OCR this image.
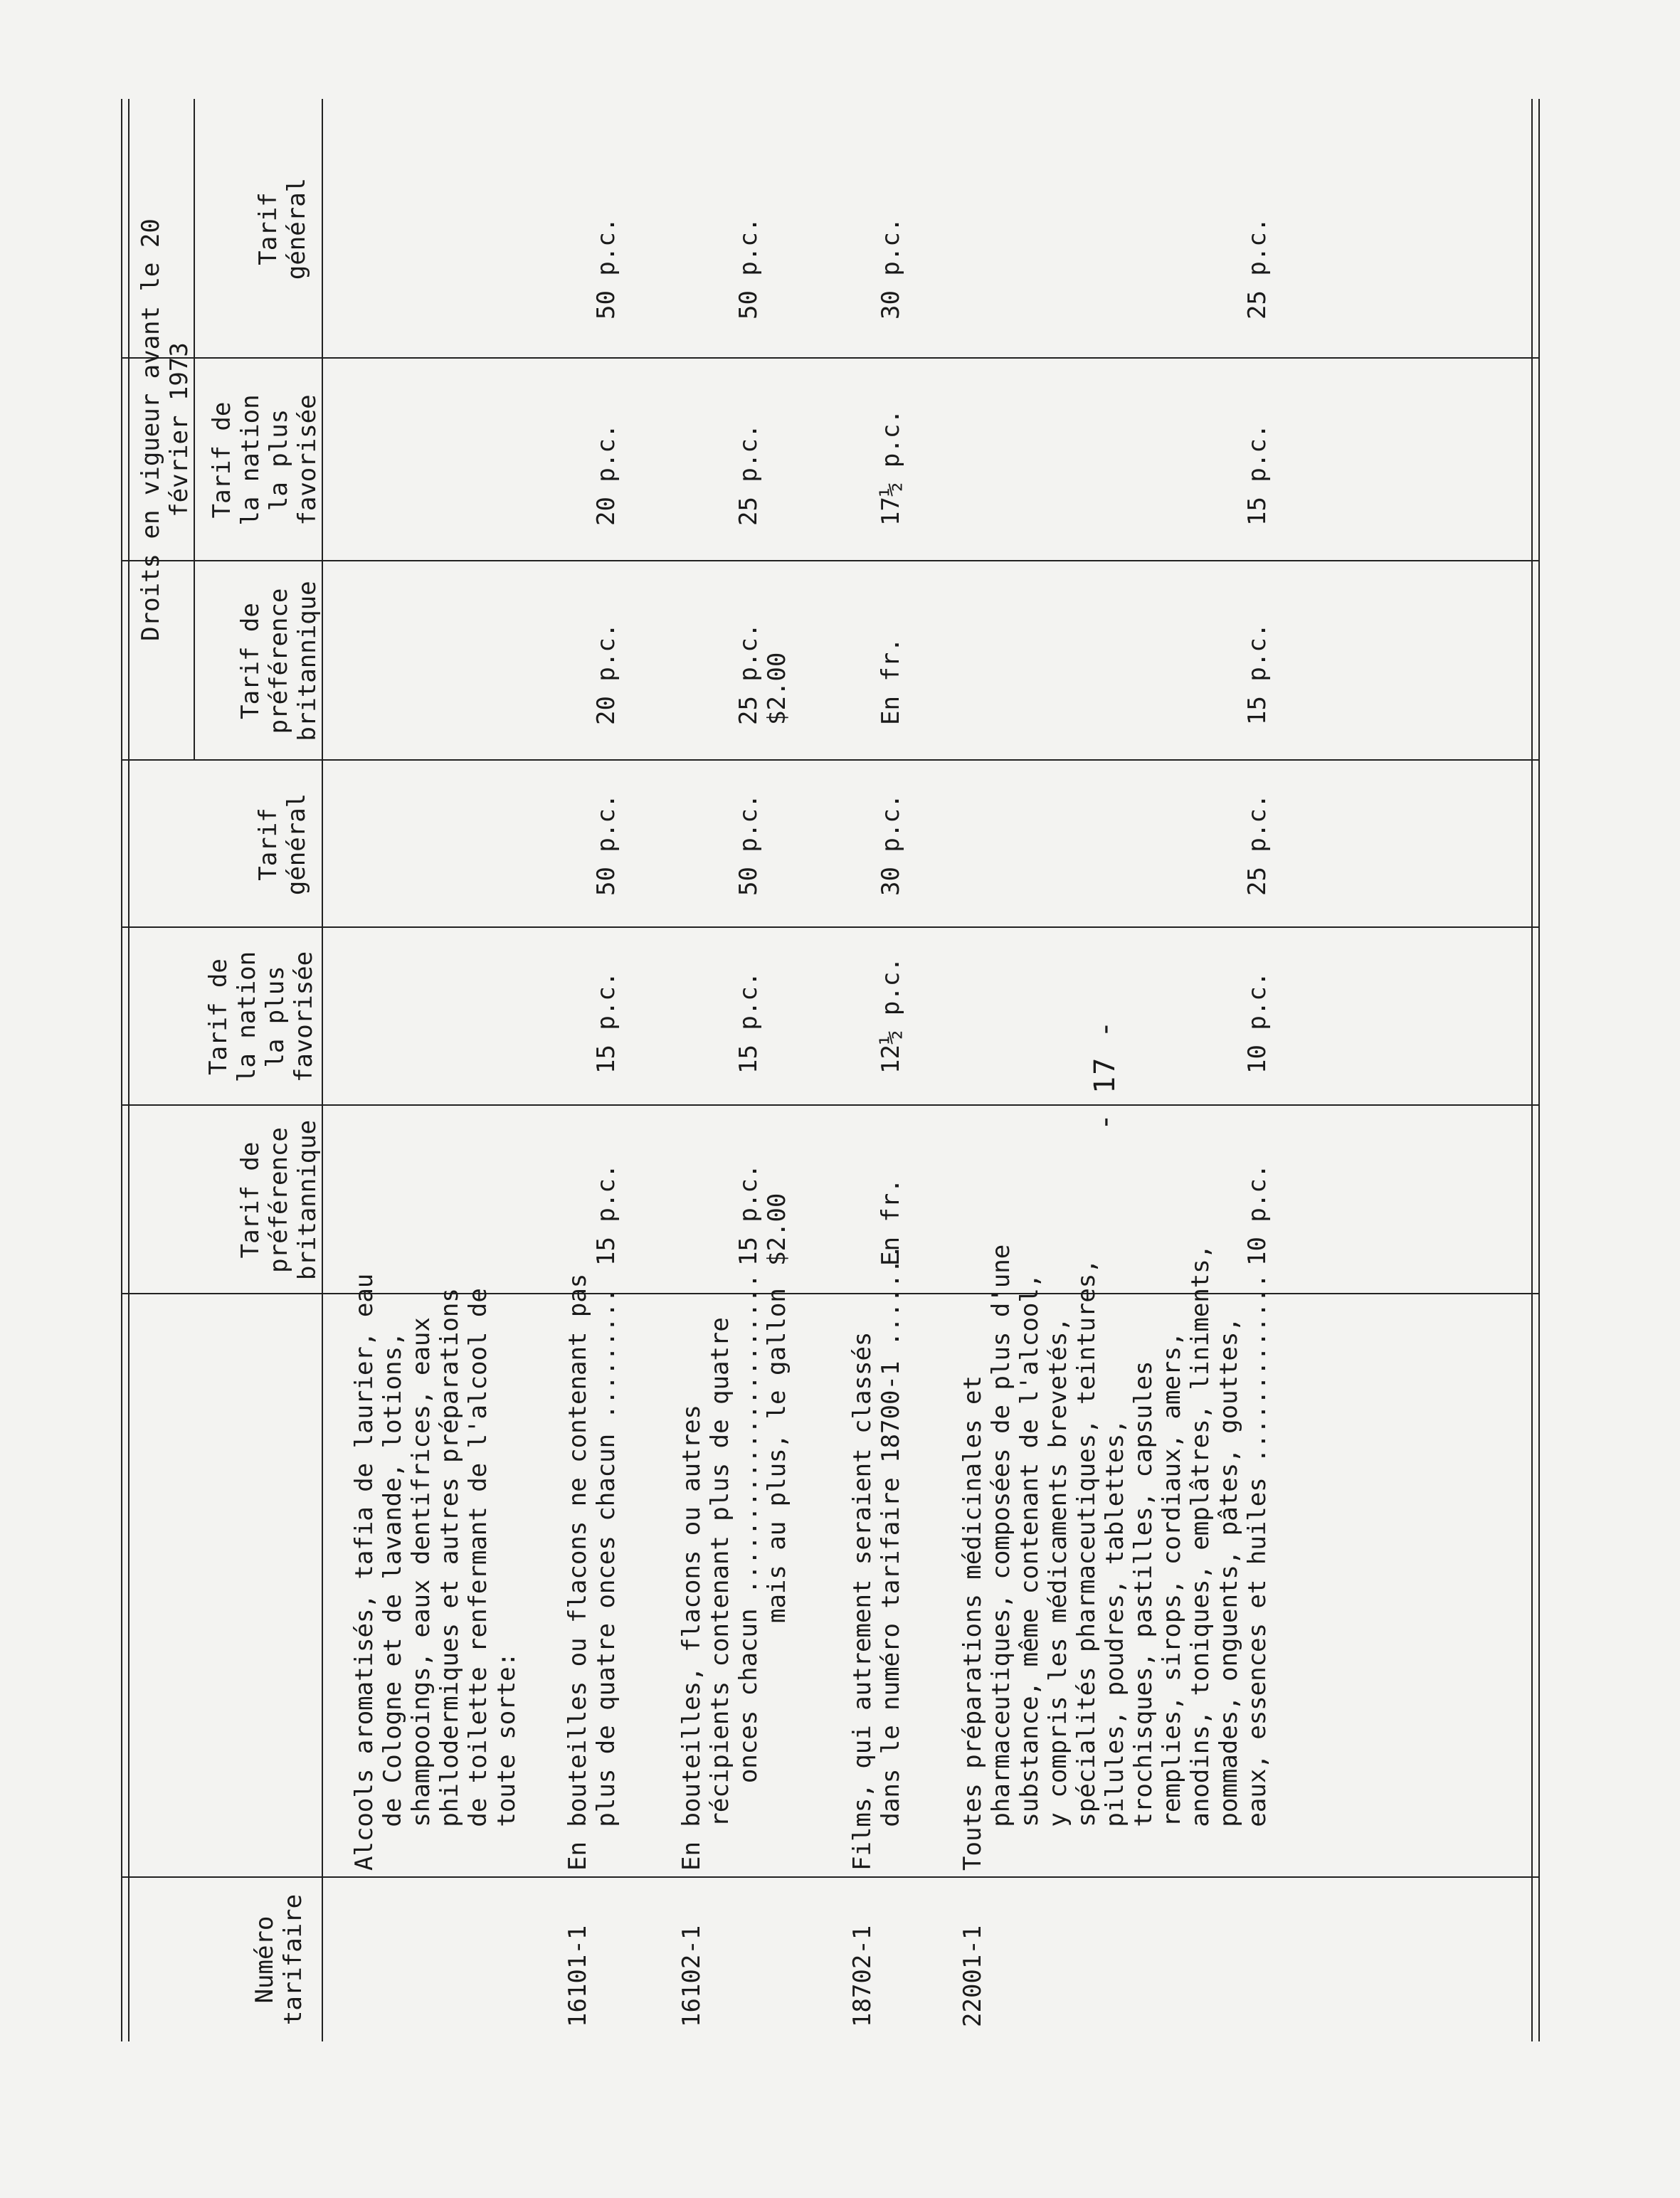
- 17 -
Numéro
tarifaire
Tarif de
préférence
britannique
Tarif de
la nation
la plus
favorisée
Tarif
général
Droits en vigueur avant le 20
février 1973
Tarif de
préférence
britannique
Tarif de
la nation
la plus
favorisée
Tarif
général
Alcools aromatisés, tafia de laurier, eau
de Cologne et de lavande, lotions,
shampooings, eaux dentifrices, eaux
philodermiques et autres préparations
de toilette renfermant de l'alcool de
toute sorte:
16101-1
En bouteilles ou flacons ne contenant pas
plus de quatre onces chacun .........

15 p.c.

15 p.c.

50 p.c.

20 p.c.

20 p.c.

50 p.c.
16102-1
En bouteilles, flacons ou autres
récipients contenant plus de quatre
onces chacun ......................
mais au plus, le gallon

15 p.c.
$2.00

15 p.c.

50 p.c.

25 p.c.
$2.00

25 p.c.

50 p.c.
18702-1
Films, qui autrement seraient classés
dans le numéro tarifaire 18700-1 .......

En fr.

12½ p.c.

30 p.c.

En fr.

17½ p.c.

30 p.c.
22001-1
Toutes préparations médicinales et
pharmaceutiques, composées de plus d'une
substance, même contenant de l'alcool,
y compris les médicaments brevetés,
spécialités pharmaceutiques, teintures,
pilules, poudres, tablettes,
trochisques, pastilles, capsules
remplies, sirops, cordiaux, amers,
anodins, toniques, emplâtres, liniments,
pommades, onguents, pâtes, gouttes,
eaux, essences et huiles .............

10 p.c.

10 p.c.

25 p.c.

15 p.c.

15 p.c.

25 p.c.
